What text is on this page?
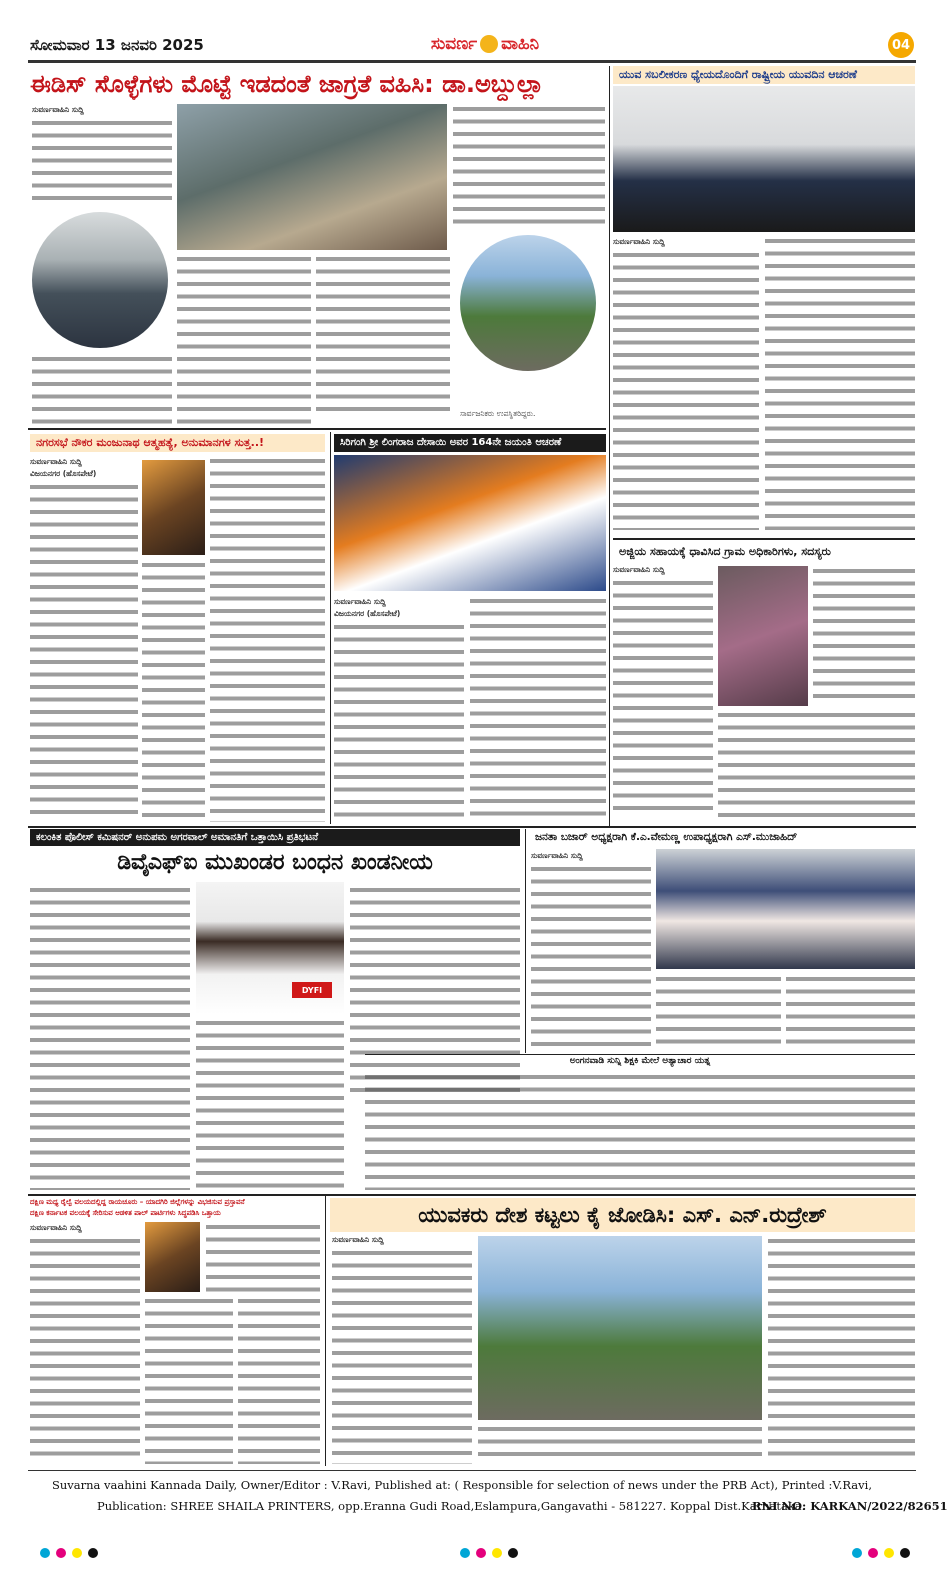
ಸೋಮವಾರ 13 ಜನವರಿ 2025	ಸುವರ್ಣ ವಾಹಿನಿ	04
ಈಡಿಸ್ ಸೊಳ್ಳೆಗಳು ಮೊಟ್ಟೆ ಇಡದಂತೆ ಜಾಗ್ರತೆ ವಹಿಸಿ: ಡಾ.ಅಬ್ದುಲ್ಲಾ
ಸುವರ್ಣವಾಹಿನಿ ಸುದ್ದಿ
ಸಾರ್ವಜನಿಕರು ಉಪಸ್ಥಿತರಿದ್ದರು.
ಯುವ ಸಬಲೀಕರಣ ಧ್ಯೇಯದೊಂದಿಗೆ ರಾಷ್ಟ್ರೀಯ ಯುವದಿನ ಆಚರಣೆ
ಸುವರ್ಣವಾಹಿನಿ ಸುದ್ದಿ
ಅಜ್ಜಿಯ ಸಹಾಯಕ್ಕೆ ಧಾವಿಸಿದ ಗ್ರಾಮ ಅಧಿಕಾರಿಗಳು, ಸದಸ್ಯರು
ಸುವರ್ಣವಾಹಿನಿ ಸುದ್ದಿ
ನಗರಸಭೆ ನೌಕರ ಮಂಜುನಾಥ ಆತ್ಮಹತ್ಯೆ, ಅನುಮಾನಗಳ ಸುತ್ತ..!
ಸುವರ್ಣವಾಹಿನಿ ಸುದ್ದಿ
ವಿಜಯನಗರ (ಹೊಸಪೇಟೆ)
ಸಿರಿಗಂಗಿ ಶ್ರೀ ಲಿಂಗರಾಜ ದೇಸಾಯಿ ಅವರ 164ನೇ ಜಯಂತಿ ಆಚರಣೆ
ಸುವರ್ಣವಾಹಿನಿ ಸುದ್ದಿ
ವಿಜಯನಗರ (ಹೊಸಪೇಟೆ)
ಕಲಂಕಿತ ಪೊಲೀಸ್ ಕಮಿಷನರ್ ಅನುಪಮ ಅಗರವಾಲ್ ಅಮಾನತಿಗೆ ಒತ್ತಾಯಿಸಿ ಪ್ರತಿಭಟನೆ
ಡಿವೈಎಫ್ಐ ಮುಖಂಡರ ಬಂಧನ ಖಂಡನೀಯ
DYFI
ಜನತಾ ಬಜಾರ್ ಅಧ್ಯಕ್ಷರಾಗಿ ಕೆ.ಎ.ವೇಮಣ್ಣ ಉಪಾಧ್ಯಕ್ಷರಾಗಿ ಎಸ್.ಮುಜಾಹಿದ್
ಸುವರ್ಣವಾಹಿನಿ ಸುದ್ದಿ
ಅಂಗನವಾಡಿ ಸುನ್ನಿ ಶಿಕ್ಷಕಿ ಮೇಲೆ ಅತ್ಯಾಚಾರ ಯತ್ನ
ದಕ್ಷಿಣ ಮಧ್ಯ ರೈಲ್ವೆ ವಲಯದಲ್ಲಿದ್ದ ರಾಯಚೂರು – ಯಾದಗಿರಿ ಜಿಲ್ಲೆಗಳನ್ನು ವಿಭಜಿಸುವ ಪ್ರಸ್ತಾವನೆ
ದಕ್ಷಿಣ ಕರ್ನಾಟಕ ವಲಯಕ್ಕೆ ಸೇರಿಸುವ ಆಡಳಿತ ಪಾಲ್ ಪಾರ್ಟಿಗಳು ಸಿದ್ಧಪಡಿಸಿ ಒತ್ತಾಯ
ಸುವರ್ಣವಾಹಿನಿ ಸುದ್ದಿ
ಯುವಕರು ದೇಶ ಕಟ್ಟಲು ಕೈ ಜೋಡಿಸಿ: ಎಸ್. ಎನ್.ರುದ್ರೇಶ್
ಸುವರ್ಣವಾಹಿನಿ ಸುದ್ದಿ
Suvarna vaahini Kannada Daily, Owner/Editor : V.Ravi, Published at: ( Responsible for selection of news under the PRB Act), Printed :V.Ravi,
Publication: SHREE SHAILA PRINTERS, opp.Eranna Gudi Road,Eslampura,Gangavathi - 581227. Koppal Dist.Karnataka.
RNI NO: KARKAN/2022/82651
